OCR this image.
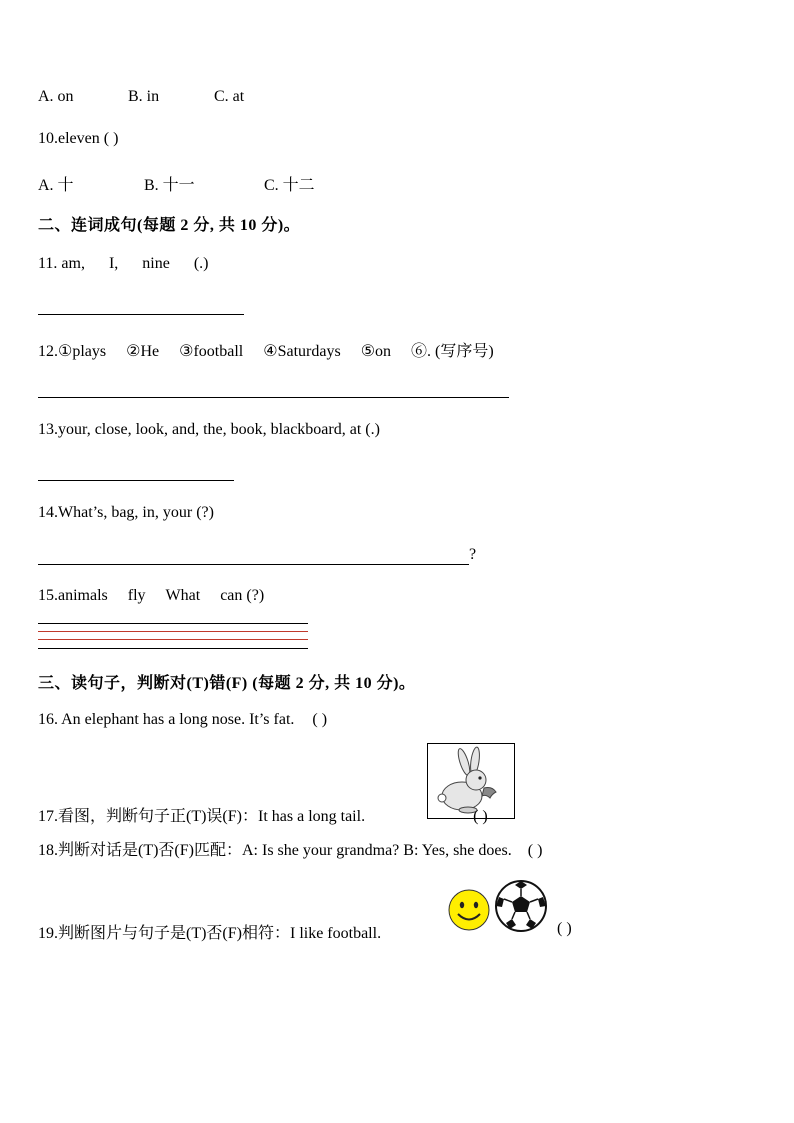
A. on	B. in	C. at
10.eleven ( )
A. 十	B. 十一	C. 十二
二、连词成句(每题 2 分, 共 10 分)。
11. am, I, nine (.)
12.①plays ②He ③football ④Saturdays ⑤on ⑥. (写序号)
13.your, close, look, and, the, book, blackboard, at (.)
14.What’s, bag, in, your (?)
?
15.animals fly What can (?)
三、读句子，判断对(T)错(F) (每题 2 分, 共 10 分)。
16. An elephant has a long nose. It’s fat. ( )
17.看图，判断句子正(T)误(F)：It has a long tail.	( )
18.判断对话是(T)否(F)匹配：A: Is she your grandma? B: Yes, she does. ( )
19.判断图片与句子是(T)否(F)相符：I like football.	( )
